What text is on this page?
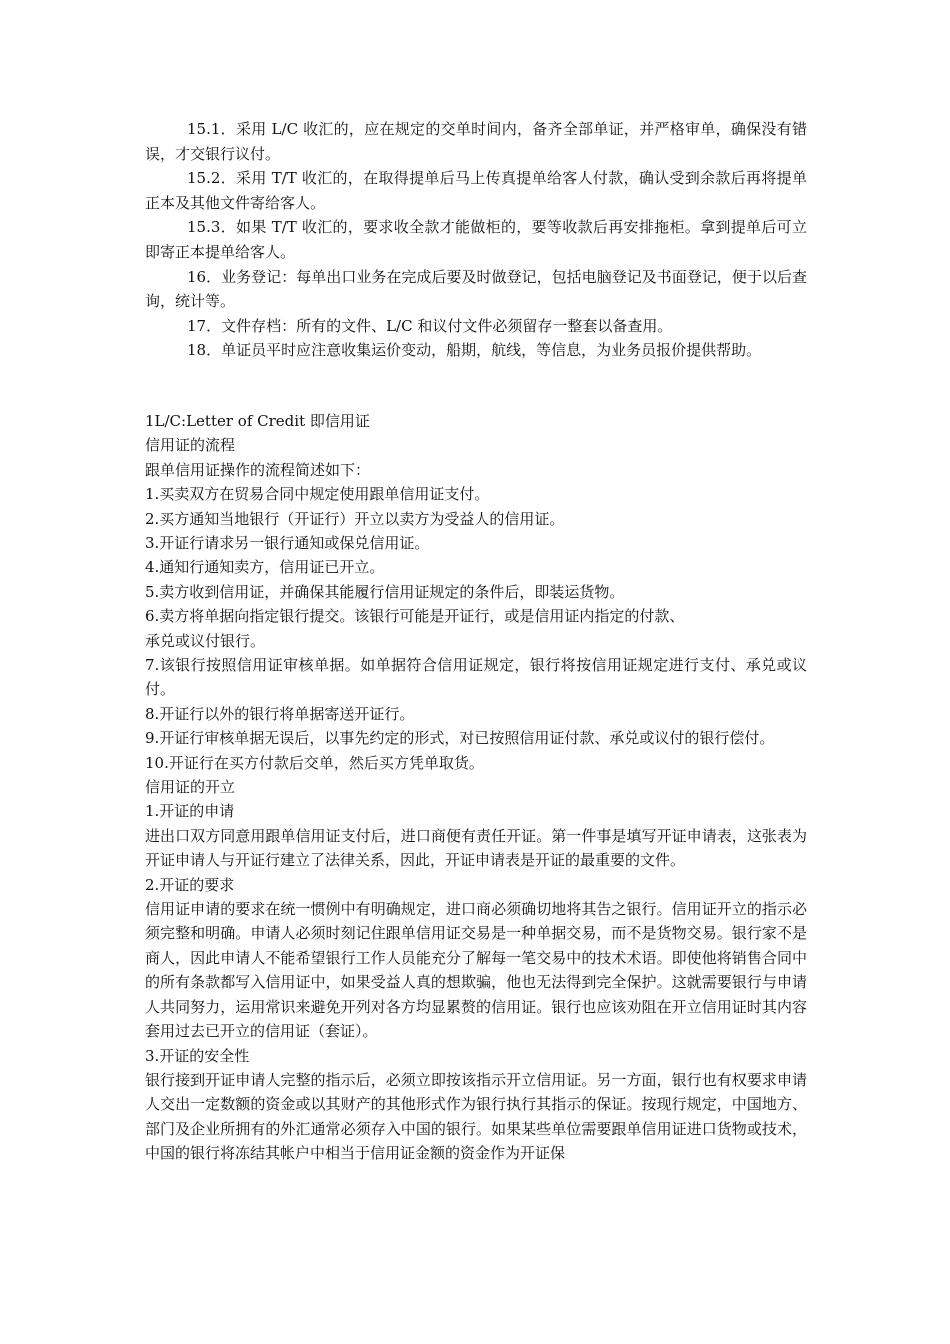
15.1．采用 L/C 收汇的，应在规定的交单时间内，备齐全部单证，并严格审单，确保没有错误，才交银行议付。

15.2．采用 T/T 收汇的，在取得提单后马上传真提单给客人付款，确认受到余款后再将提单正本及其他文件寄给客人。

15.3．如果 T/T 收汇的，要求收全款才能做柜的，要等收款后再安排拖柜。拿到提单后可立即寄正本提单给客人。

16．业务登记：每单出口业务在完成后要及时做登记，包括电脑登记及书面登记，便于以后查询，统计等。

17．文件存档：所有的文件、L/C 和议付文件必须留存一整套以备查用。

18．单证员平时应注意收集运价变动，船期，航线，等信息，为业务员报价提供帮助。

1L/C:Letter of Credit 即信用证

信用证的流程

跟单信用证操作的流程简述如下：

1.买卖双方在贸易合同中规定使用跟单信用证支付。

2.买方通知当地银行（开证行）开立以卖方为受益人的信用证。

3.开证行请求另一银行通知或保兑信用证。

4.通知行通知卖方，信用证已开立。

5.卖方收到信用证，并确保其能履行信用证规定的条件后，即装运货物。

6.卖方将单据向指定银行提交。该银行可能是开证行，或是信用证内指定的付款、

承兑或议付银行。

7.该银行按照信用证审核单据。如单据符合信用证规定，银行将按信用证规定进行支付、承兑或议付。

8.开证行以外的银行将单据寄送开证行。

9.开证行审核单据无误后，以事先约定的形式，对已按照信用证付款、承兑或议付的银行偿付。

10.开证行在买方付款后交单，然后买方凭单取货。

信用证的开立

1.开证的申请

进出口双方同意用跟单信用证支付后，进口商便有责任开证。第一件事是填写开证申请表，这张表为开证申请人与开证行建立了法律关系，因此，开证申请表是开证的最重要的文件。

2.开证的要求

信用证申请的要求在统一惯例中有明确规定，进口商必须确切地将其告之银行。信用证开立的指示必须完整和明确。申请人必须时刻记住跟单信用证交易是一种单据交易，而不是货物交易。银行家不是商人，因此申请人不能希望银行工作人员能充分了解每一笔交易中的技术术语。即使他将销售合同中的所有条款都写入信用证中，如果受益人真的想欺骗，他也无法得到完全保护。这就需要银行与申请人共同努力，运用常识来避免开列对各方均显累赘的信用证。银行也应该劝阻在开立信用证时其内容套用过去已开立的信用证（套证）。

3.开证的安全性

银行接到开证申请人完整的指示后，必须立即按该指示开立信用证。另一方面，银行也有权要求申请人交出一定数额的资金或以其财产的其他形式作为银行执行其指示的保证。按现行规定，中国地方、部门及企业所拥有的外汇通常必须存入中国的银行。如果某些单位需要跟单信用证进口货物或技术，中国的银行将冻结其帐户中相当于信用证金额的资金作为开证保
